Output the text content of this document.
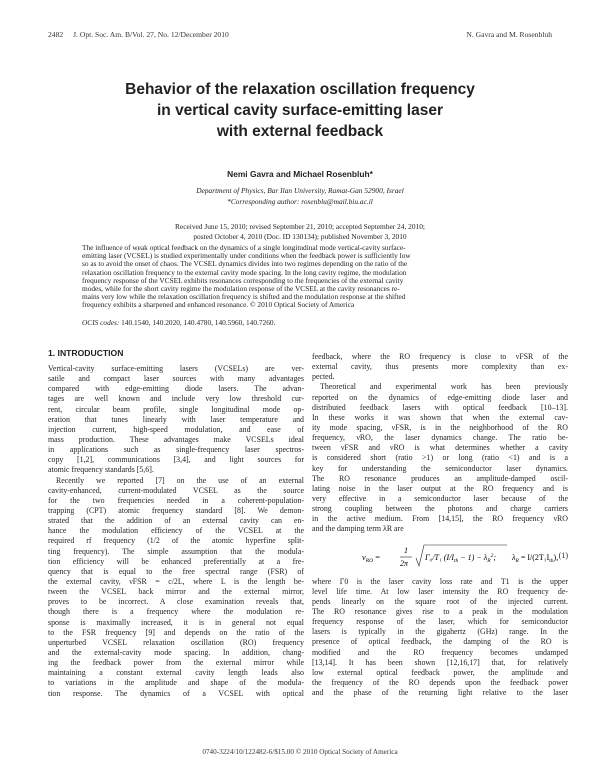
2482 J. Opt. Soc. Am. B/Vol. 27, No. 12/December 2010	N. Gavra and M. Rosenbluh
Behavior of the relaxation oscillation frequency
in vertical cavity surface-emitting laser
with external feedback
Nemi Gavra and Michael Rosenbluh*
Department of Physics, Bar Ilan University, Ramat-Gan 52900, Israel
*Corresponding author: rosenblu@mail.biu.ac.il
Received June 15, 2010; revised September 21, 2010; accepted September 24, 2010;
posted October 4, 2010 (Doc. ID 130134); published November 3, 2010
The influence of weak optical feedback on the dynamics of a single longitudinal mode vertical-cavity surface-
emitting laser (VCSEL) is studied experimentally under conditions when the feedback power is sufficiently low
so as to avoid the onset of chaos. The VCSEL dynamics divides into two regimes depending on the ratio of the
relaxation oscillation frequency to the external cavity mode spacing. In the long cavity regime, the modulation
frequency response of the VCSEL exhibits resonances corresponding to the frequencies of the external cavity
modes, while for the short cavity regime the modulation response of the VCSEL at the cavity resonances re-
mains very low while the relaxation oscillation frequency is shifted and the modulation response at the shifted
frequency exhibits a sharpened and enhanced resonance. © 2010 Optical Society of America
OCIS codes: 140.1540, 140.2020, 140.4780, 140.5960, 140.7260.
1. INTRODUCTION
Vertical-cavity surface-emitting lasers (VCSELs) are ver-
satile and compact laser sources with many advantages
compared with edge-emitting diode lasers. The advan-
tages are well known and include very low threshold cur-
rent, circular beam profile, single longitudinal mode op-
eration that tunes linearly with laser temperature and
injection current, high-speed modulation, and ease of
mass production. These advantages make VCSELs ideal
in applications such as single-frequency laser spectros-
copy [1,2], communications [3,4], and light sources for
atomic frequency standards [5,6].
Recently we reported [7] on the use of an external
cavity-enhanced, current-modulated VCSEL as the source
for the two frequencies needed in a coherent-population-
trapping (CPT) atomic frequency standard [8]. We demon-
strated that the addition of an external cavity can en-
hance the modulation efficiency of the VCSEL at the
required rf frequency (1/2 of the atomic hyperfine split-
ting frequency). The simple assumption that the modula-
tion efficiency will be enhanced preferentially at a fre-
quency that is equal to the free spectral range (FSR) of
the external cavity, νFSR = c/2L, where L is the length be-
tween the VCSEL back mirror and the external mirror,
proves to be incorrect. A close examination reveals that,
though there is a frequency where the modulation re-
sponse is maximally increased, it is in general not equal
to the FSR frequency [9] and depends on the ratio of the
unperturbed VCSEL relaxation oscillation (RO) frequency
and the external-cavity mode spacing. In addition, chang-
ing the feedback power from the external mirror while
maintaining a constant external cavity length leads also
to variations in the amplitude and shape of the modula-
tion response. The dynamics of a VCSEL with optical
feedback, where the RO frequency is close to νFSR of the
external cavity, thus presents more complexity than ex-
pected.
Theoretical and experimental work has been previously
reported on the dynamics of edge-emitting diode laser and
distributed feedback lasers with optical feedback [10–13].
In these works it was shown that when the external cav-
ity mode spacing, νFSR, is in the neighborhood of the RO
frequency, νRO, the laser dynamics change. The ratio be-
tween νFSR and νRO is what determines whether a cavity
is considered short (ratio >1) or long (ratio <1) and is a
key for understanding the semiconductor laser dynamics.
The RO resonance produces an amplitude-damped oscil-
lating noise in the laser output at the RO frequency and is
very effective in a semiconductor laser because of the
strong coupling between the photons and charge carriers
in the active medium. From [14,15], the RO frequency νRO
and the damping term λR are
$\nu_{RO}$ =
1
2π
Γ₀/T₁ $(I/I_{th} - 1) - \lambda_R^2$; $\lambda_R = I/(2T_1I_{th})$, (1)
where Γ0 is the laser cavity loss rate and T1 is the upper
level life time. At low laser intensity the RO frequency de-
pends linearly on the square root of the injected current.
The RO resonance gives rise to a peak in the modulation
frequency response of the laser, which for semiconductor
lasers is typically in the gigahertz (GHz) range. In the
presence of optical feedback, the damping of the RO is
modified and the RO frequency becomes undamped
[13,14]. It has been shown [12,16,17] that, for relatively
low external optical feedback power, the amplitude and
the frequency of the RO depends upon the feedback power
and the phase of the returning light relative to the laser
0740-3224/10/122482-6/$15.00 © 2010 Optical Society of America
